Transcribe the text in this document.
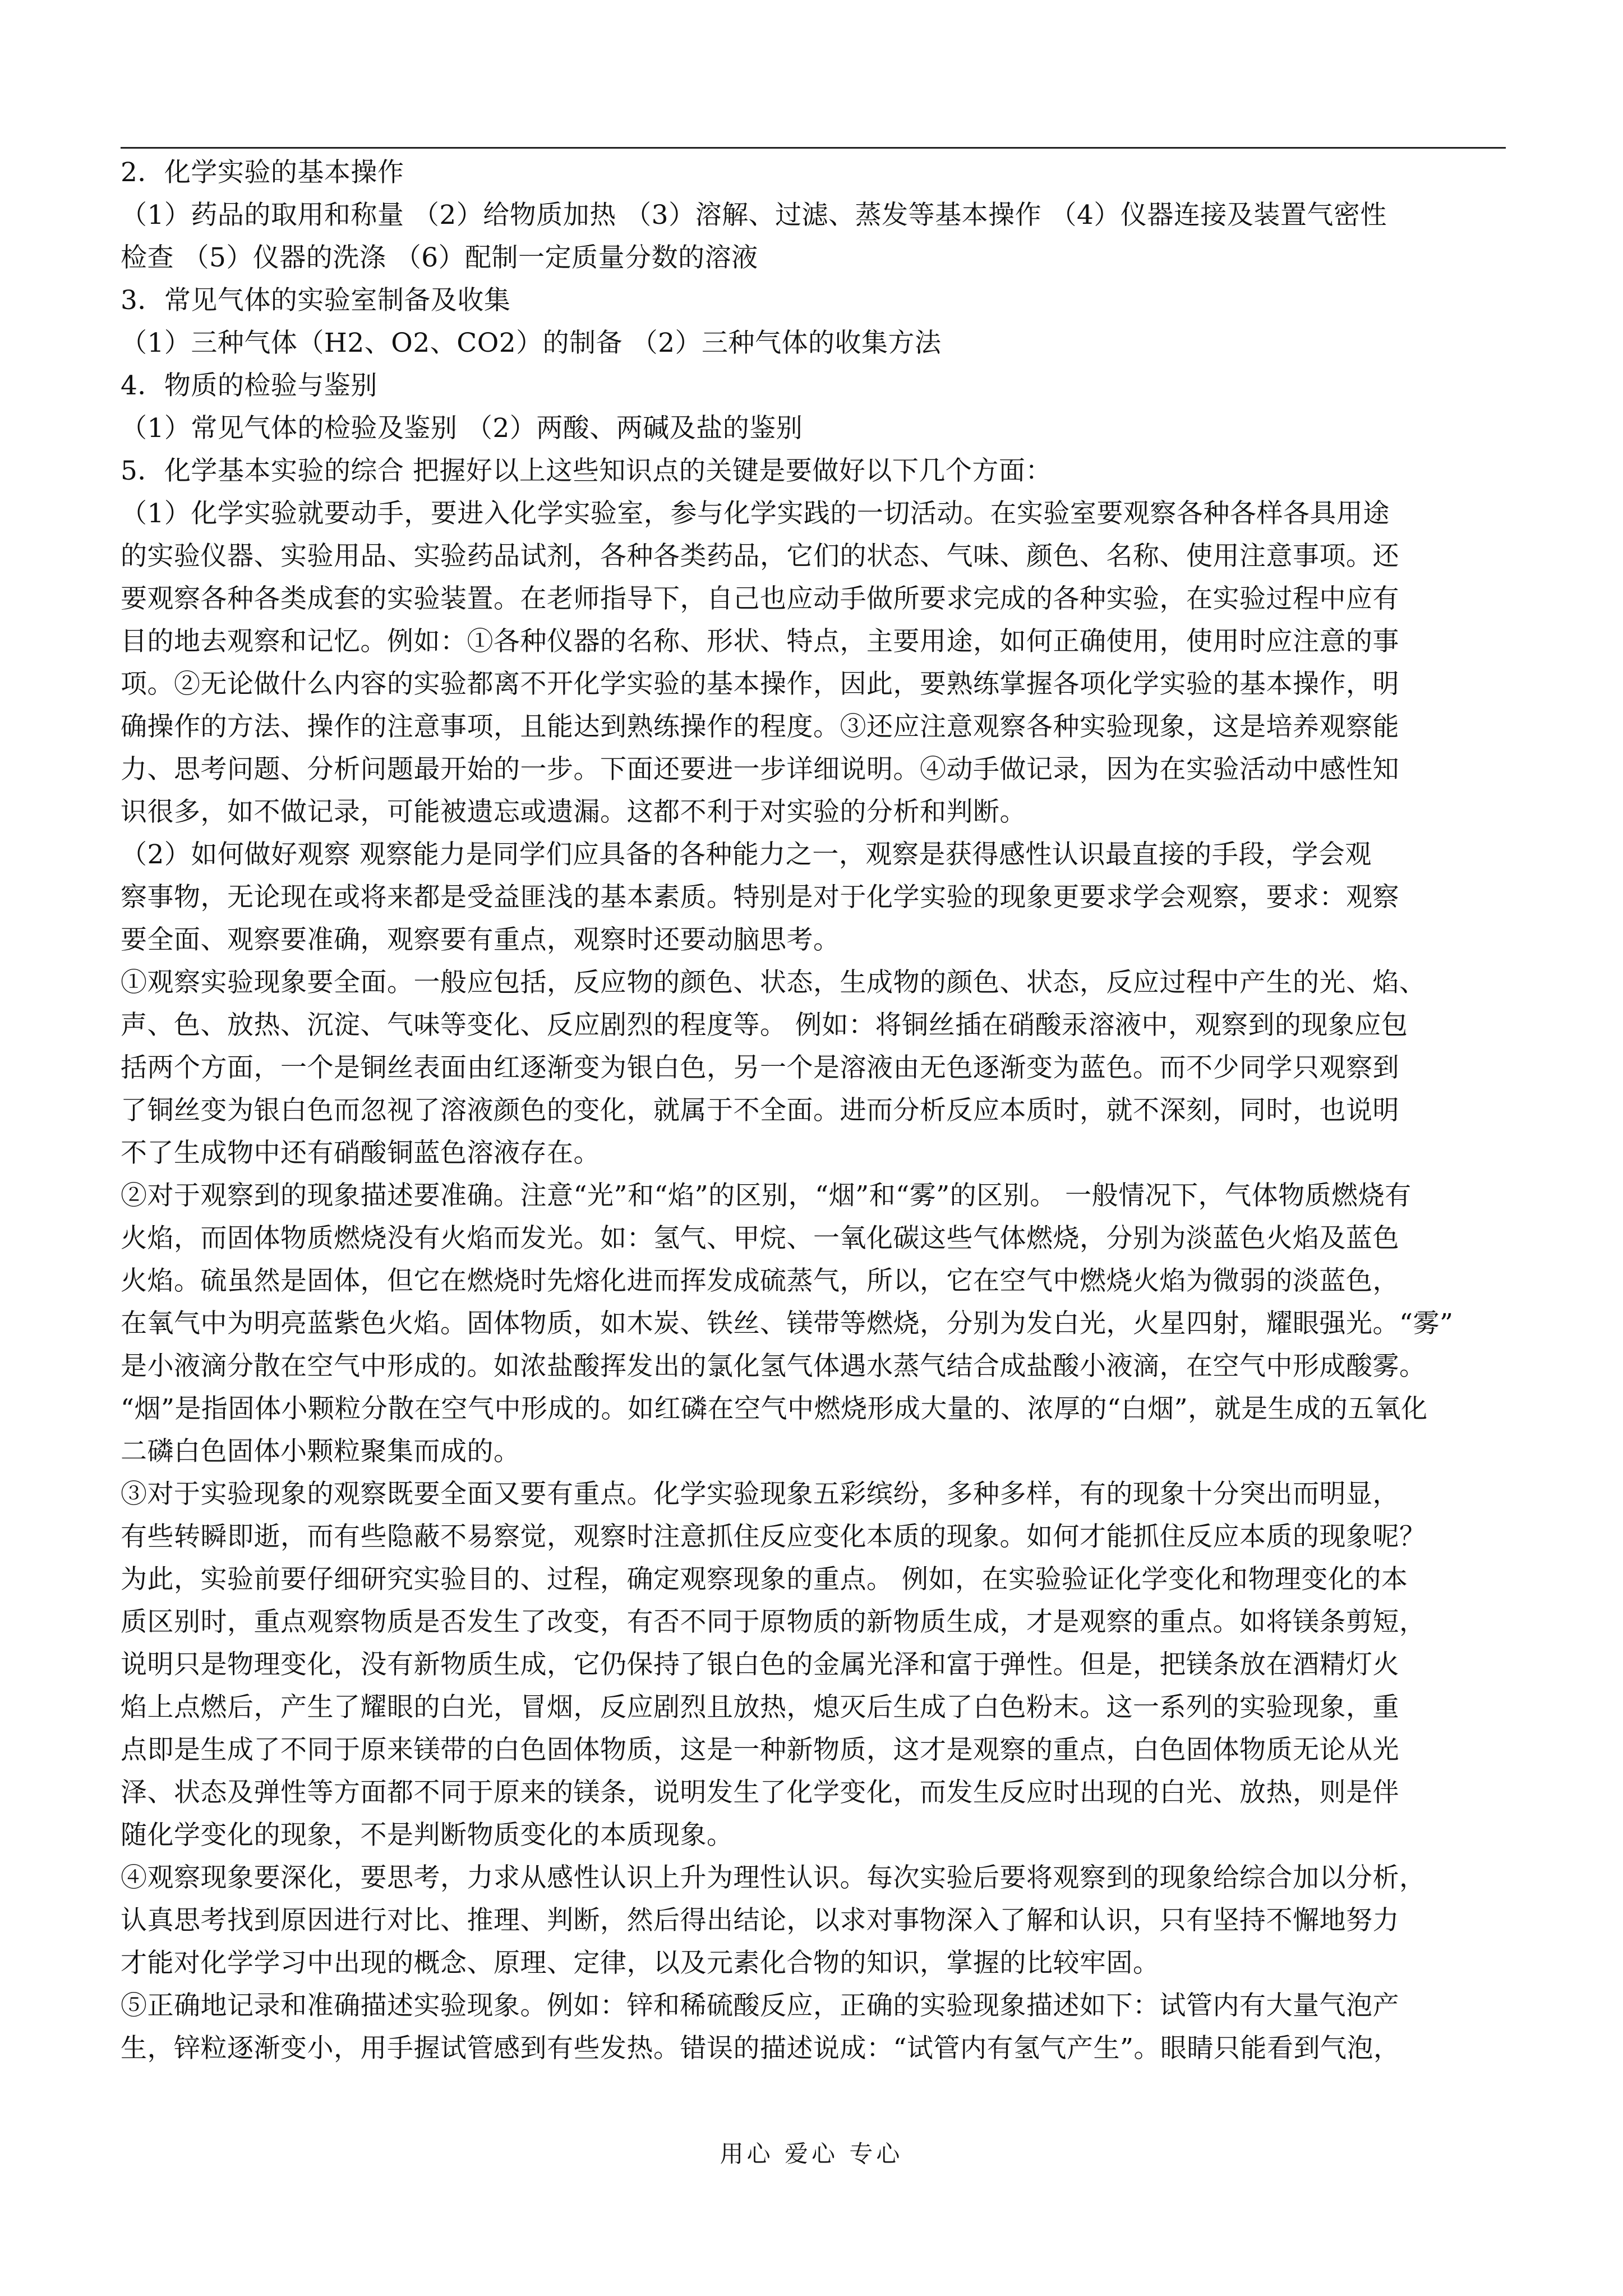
2．化学实验的基本操作

（1）药品的取用和称量 （2）给物质加热 （3）溶解、过滤、蒸发等基本操作 （4）仪器连接及装置气密性

检查 （5）仪器的洗涤 （6）配制一定质量分数的溶液

3．常见气体的实验室制备及收集

（1）三种气体（H2、O2、CO2）的制备 （2）三种气体的收集方法

4．物质的检验与鉴别

（1）常见气体的检验及鉴别 （2）两酸、两碱及盐的鉴别

5．化学基本实验的综合 把握好以上这些知识点的关键是要做好以下几个方面：

（1）化学实验就要动手，要进入化学实验室，参与化学实践的一切活动。在实验室要观察各种各样各具用途

的实验仪器、实验用品、实验药品试剂，各种各类药品，它们的状态、气味、颜色、名称、使用注意事项。还

要观察各种各类成套的实验装置。在老师指导下，自己也应动手做所要求完成的各种实验，在实验过程中应有

目的地去观察和记忆。例如：①各种仪器的名称、形状、特点，主要用途，如何正确使用，使用时应注意的事

项。②无论做什么内容的实验都离不开化学实验的基本操作，因此，要熟练掌握各项化学实验的基本操作，明

确操作的方法、操作的注意事项，且能达到熟练操作的程度。③还应注意观察各种实验现象，这是培养观察能

力、思考问题、分析问题最开始的一步。下面还要进一步详细说明。④动手做记录，因为在实验活动中感性知

识很多，如不做记录，可能被遗忘或遗漏。这都不利于对实验的分析和判断。

（2）如何做好观察 观察能力是同学们应具备的各种能力之一，观察是获得感性认识最直接的手段，学会观

察事物，无论现在或将来都是受益匪浅的基本素质。特别是对于化学实验的现象更要求学会观察，要求：观察

要全面、观察要准确，观察要有重点，观察时还要动脑思考。

①观察实验现象要全面。一般应包括，反应物的颜色、状态，生成物的颜色、状态，反应过程中产生的光、焰、

声、色、放热、沉淀、气味等变化、反应剧烈的程度等。 例如：将铜丝插在硝酸汞溶液中，观察到的现象应包

括两个方面，一个是铜丝表面由红逐渐变为银白色，另一个是溶液由无色逐渐变为蓝色。而不少同学只观察到

了铜丝变为银白色而忽视了溶液颜色的变化，就属于不全面。进而分析反应本质时，就不深刻，同时，也说明

不了生成物中还有硝酸铜蓝色溶液存在。

②对于观察到的现象描述要准确。注意“光”和“焰”的区别，“烟”和“雾”的区别。 一般情况下，气体物质燃烧有

火焰，而固体物质燃烧没有火焰而发光。如：氢气、甲烷、一氧化碳这些气体燃烧，分别为淡蓝色火焰及蓝色

火焰。硫虽然是固体，但它在燃烧时先熔化进而挥发成硫蒸气，所以，它在空气中燃烧火焰为微弱的淡蓝色，

在氧气中为明亮蓝紫色火焰。固体物质，如木炭、铁丝、镁带等燃烧，分别为发白光，火星四射，耀眼强光。“雾”

是小液滴分散在空气中形成的。如浓盐酸挥发出的氯化氢气体遇水蒸气结合成盐酸小液滴，在空气中形成酸雾。

“烟”是指固体小颗粒分散在空气中形成的。如红磷在空气中燃烧形成大量的、浓厚的“白烟”，就是生成的五氧化

二磷白色固体小颗粒聚集而成的。

③对于实验现象的观察既要全面又要有重点。化学实验现象五彩缤纷，多种多样，有的现象十分突出而明显，

有些转瞬即逝，而有些隐蔽不易察觉，观察时注意抓住反应变化本质的现象。如何才能抓住反应本质的现象呢？

为此，实验前要仔细研究实验目的、过程，确定观察现象的重点。 例如，在实验验证化学变化和物理变化的本

质区别时，重点观察物质是否发生了改变，有否不同于原物质的新物质生成，才是观察的重点。如将镁条剪短，

说明只是物理变化，没有新物质生成，它仍保持了银白色的金属光泽和富于弹性。但是，把镁条放在酒精灯火

焰上点燃后，产生了耀眼的白光，冒烟，反应剧烈且放热，熄灭后生成了白色粉末。这一系列的实验现象，重

点即是生成了不同于原来镁带的白色固体物质，这是一种新物质，这才是观察的重点，白色固体物质无论从光

泽、状态及弹性等方面都不同于原来的镁条，说明发生了化学变化，而发生反应时出现的白光、放热，则是伴

随化学变化的现象，不是判断物质变化的本质现象。

④观察现象要深化，要思考，力求从感性认识上升为理性认识。每次实验后要将观察到的现象给综合加以分析，

认真思考找到原因进行对比、推理、判断，然后得出结论，以求对事物深入了解和认识，只有坚持不懈地努力

才能对化学学习中出现的概念、原理、定律，以及元素化合物的知识，掌握的比较牢固。

⑤正确地记录和准确描述实验现象。例如：锌和稀硫酸反应，正确的实验现象描述如下：试管内有大量气泡产

生，锌粒逐渐变小，用手握试管感到有些发热。错误的描述说成：“试管内有氢气产生”。眼睛只能看到气泡，

用心 爱心 专心
